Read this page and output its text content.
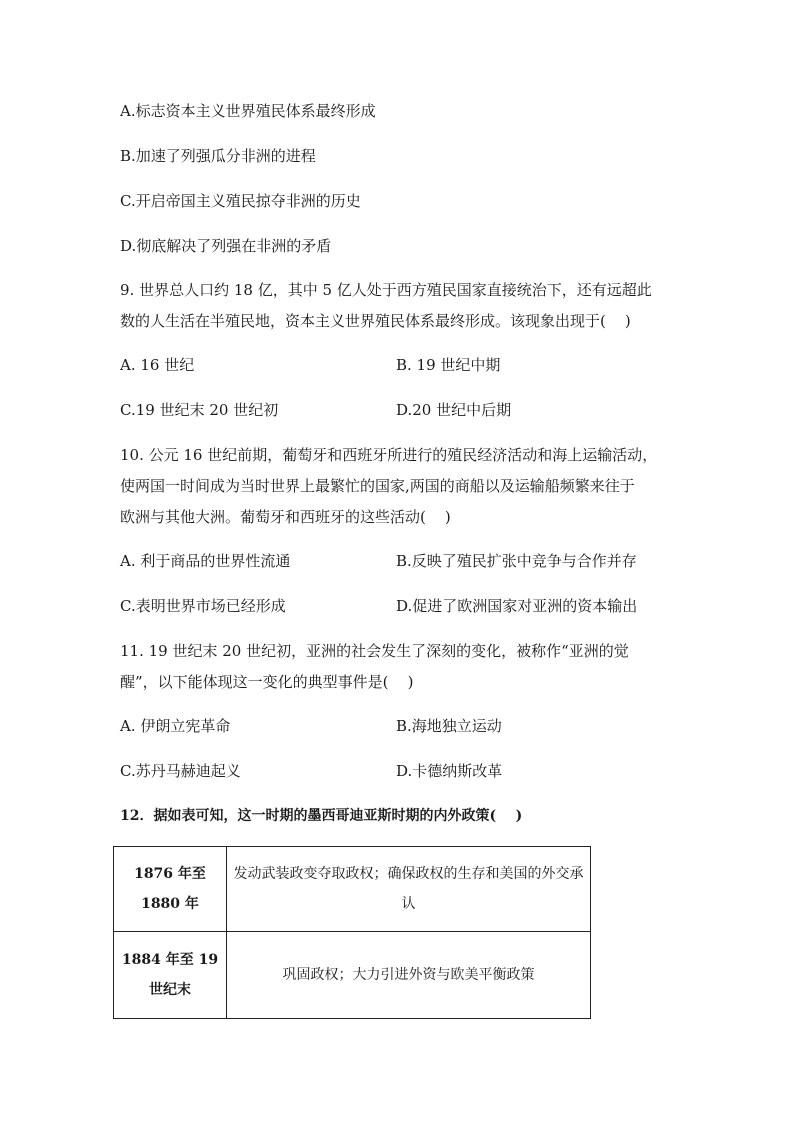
A.标志资本主义世界殖民体系最终形成
B.加速了列强瓜分非洲的进程
C.开启帝国主义殖民掠夺非洲的历史
D.彻底解决了列强在非洲的矛盾
9. 世界总人口约 18 亿，其中 5 亿人处于西方殖民国家直接统治下，还有远超此
数的人生活在半殖民地，资本主义世界殖民体系最终形成。该现象出现于(    )
A. 16 世纪	B. 19 世纪中期
C.19 世纪末 20 世纪初	D.20 世纪中后期
10. 公元 16 世纪前期，葡萄牙和西班牙所进行的殖民经济活动和海上运输活动，
使两国一时间成为当时世界上最繁忙的国家,两国的商船以及运输船频繁来往于
欧洲与其他大洲。葡萄牙和西班牙的这些活动(    )
A. 利于商品的世界性流通	B.反映了殖民扩张中竞争与合作并存
C.表明世界市场已经形成	D.促进了欧洲国家对亚洲的资本输出
11. 19 世纪末 20 世纪初，亚洲的社会发生了深刻的变化，被称作“亚洲的觉
醒”，以下能体现这一变化的典型事件是(    )
A. 伊朗立宪革命	B.海地独立运动
C.苏丹马赫迪起义	D.卡德纳斯改革
12．据如表可知，这一时期的墨西哥迪亚斯时期的内外政策(    )
1876 年至 1880 年	发动武装政变夺取政权；确保政权的生存和美国的外交承认
1884 年至 19 世纪末	巩固政权；大力引进外资与欧美平衡政策
